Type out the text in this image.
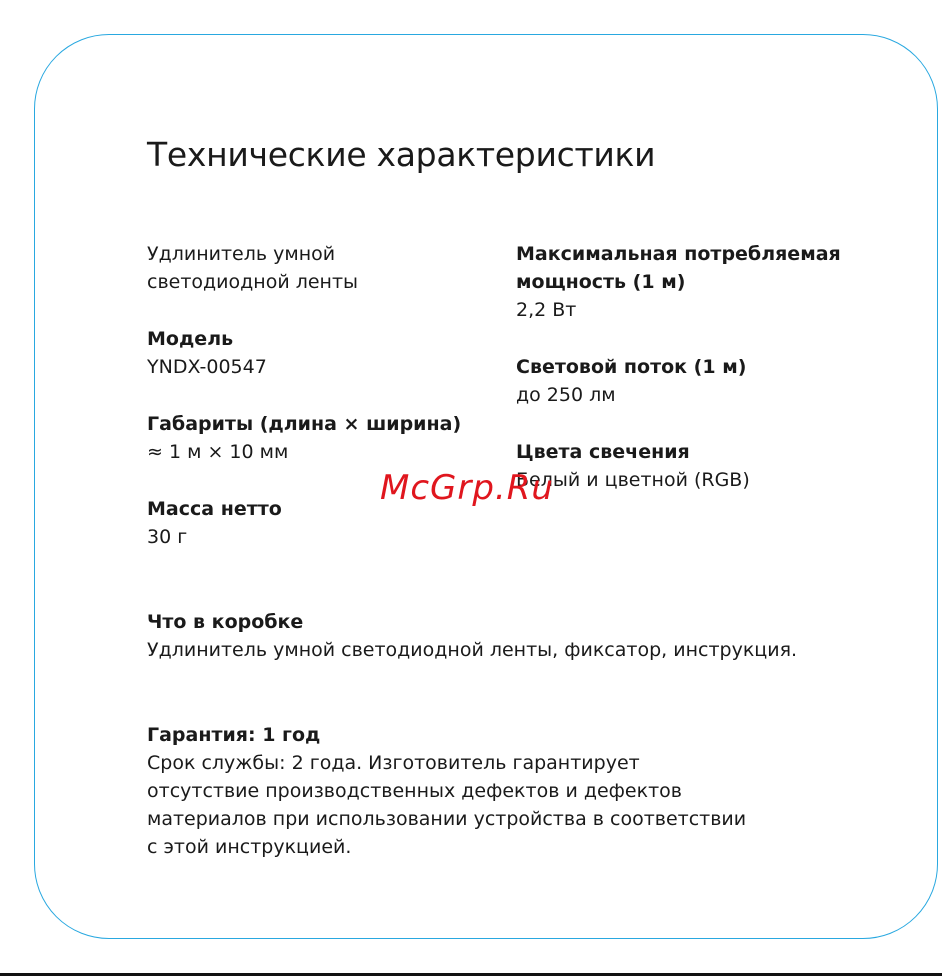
Технические характеристики

Удлинитель умной
светодиодной ленты

Модель
YNDX-00547

Габариты (длина × ширина)
≈ 1 м × 10 мм

Масса нетто
30 г

Максимальная потребляемая
мощность (1 м)
2,2 Вт

Световой поток (1 м)
до 250 лм

Цвета свечения
Белый и цветной (RGB)

Что в коробке
Удлинитель умной светодиодной ленты, фиксатор, инструкция.
Гарантия: 1 год
Срок службы: 2 года. Изготовитель гарантирует
отсутствие производственных дефектов и дефектов
материалов при использовании устройства в соответствии
с этой инструкцией.
McGrp.Ru
